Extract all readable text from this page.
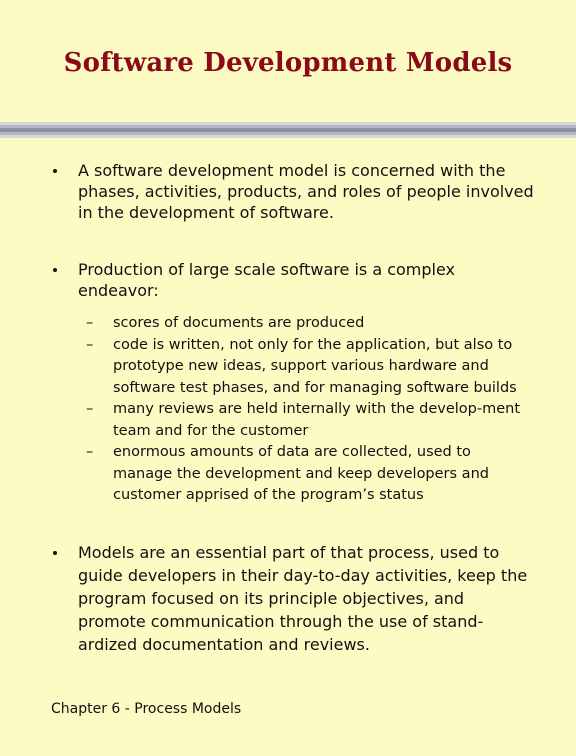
Software Development Models
A software development model is concerned with the phases, activities, products, and roles of people involved in the development of software.
Production of large scale software is a complex endeavor:
– scores of documents are produced
– code is written, not only for the application, but also to prototype new ideas, support various hardware and software test phases, and for managing software builds
– many reviews are held internally with the develop-ment team and for the customer
– enormous amounts of data are collected, used to manage the development and keep developers and customer apprised of the program’s status
Models are an essential part of that process, used to guide developers in their day-to-day activities, keep the program focused on its principle objectives, and promote communication through the use of stand-ardized documentation and reviews.
Chapter 6 - Process Models
